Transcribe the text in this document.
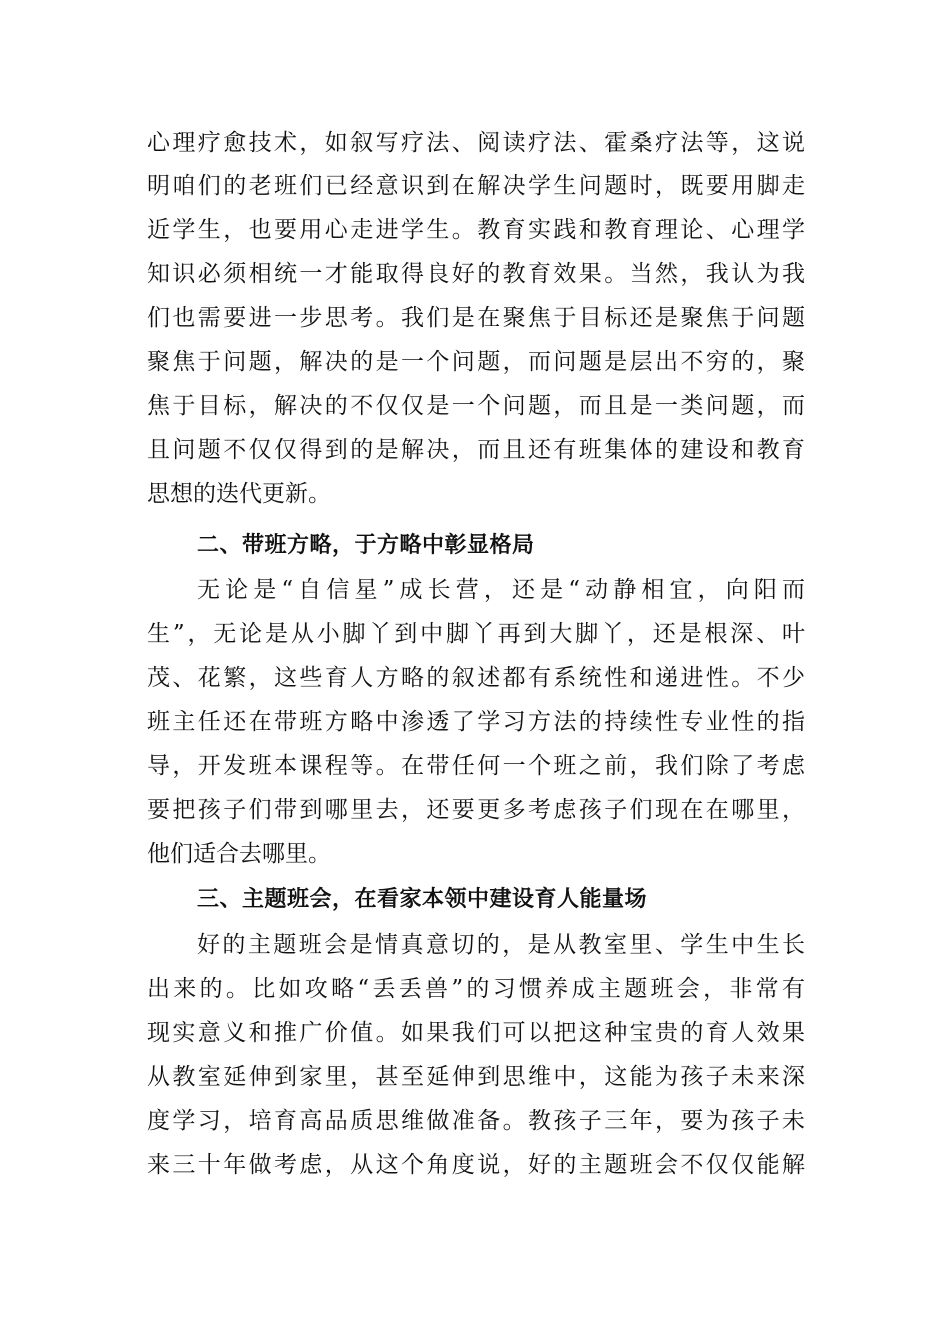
心理疗愈技术，如叙写疗法、阅读疗法、霍桑疗法等，这说
明咱们的老班们已经意识到在解决学生问题时，既要用脚走
近学生，也要用心走进学生。教育实践和教育理论、心理学
知识必须相统一才能取得良好的教育效果。当然，我认为我
们也需要进一步思考。我们是在聚焦于目标还是聚焦于问题
聚焦于问题，解决的是一个问题，而问题是层出不穷的，聚
焦于目标，解决的不仅仅是一个问题，而且是一类问题，而
且问题不仅仅得到的是解决，而且还有班集体的建设和教育
思想的迭代更新。
二、带班方略，于方略中彰显格局
无论是“自信星”成长营，还是“动静相宜，向阳而
生”，无论是从小脚丫到中脚丫再到大脚丫，还是根深、叶
茂、花繁，这些育人方略的叙述都有系统性和递进性。不少
班主任还在带班方略中渗透了学习方法的持续性专业性的指
导，开发班本课程等。在带任何一个班之前，我们除了考虑
要把孩子们带到哪里去，还要更多考虑孩子们现在在哪里，
他们适合去哪里。
三、主题班会，在看家本领中建设育人能量场
好的主题班会是情真意切的，是从教室里、学生中生长
出来的。比如攻略“丢丢兽”的习惯养成主题班会，非常有
现实意义和推广价值。如果我们可以把这种宝贵的育人效果
从教室延伸到家里，甚至延伸到思维中，这能为孩子未来深
度学习，培育高品质思维做准备。教孩子三年，要为孩子未
来三十年做考虑，从这个角度说，好的主题班会不仅仅能解
